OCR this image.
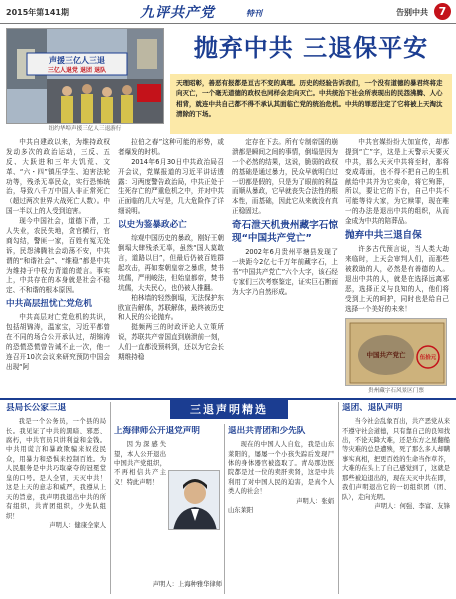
2015年第141期	九评共产党	特刊	告别中共 7
声援三亿人三退
三亿人退党 退团 退队
纽约华埠声援三亿人三退游行
抛弃中共 三退保平安
天理昭彰，善恶有报都是亘古不变的真理。历史的经验告诉我们，一个没有道德的暴君终将走向灭亡，一个毫无道德的政权也同样会走向灭亡。中共统治下社会所表现出的民怨沸腾、人心相背，就连中共自己都不得不承认其面临亡党的统治危机。中共的罪恶注定了它将被上天淘汰清除的下场。

中共自建政以来，为维持政权发动多次的政治运动，三反、五反、大跃进和三年大饥荒、文革、“六・四”镇压学生、迫害法轮功等，残杀无辜民众，实行恐怖统治，导致八千万中国人非正常死亡（超过两次世界大战死亡人数）。中国一半以上的人受到迫害。

现今中国社会，道德下滑，工人失业，农民失地，贪官横行，官商勾结，警匪一家，百姓有冤无处诉，民怨沸腾社会动荡不安，中共谓的“和谐社会”、“维稳”都是中共为维持于中权力背道的谎言。事实上，中共存在的本身就是社会不稳定、不和谐的根本原因。

中共高层扭忧亡党危机

中共高层对亡党危机的共识，包括胡锦涛，温家宝，习近平都曾在不同的场合公开承认过，胡锦涛的恐慌恐慌曾告诫不止一次，他一连召开10次会议来研究预防中国会出现“阿

拉伯之春”这种可能的形势，或者爆发的时机。

2014年6月30日中共政治局召开会议，党媒报道的习近平讲话透露：习两度警告政治局，中共正处于生死存亡的严重危机之中，并对中共正面临的几大写是，几大危险作了详细说明。

以史为鉴暴政必亡

综观中国历史的暴政，刚好王朝倒塌大肆残杀无辜，虽然“国人莫敢言，道路以目”，但最后仍被百姓群起攻击，再如秦朝皇帝之暴虐，焚书坑儒，严刑峻法，但始皇都帝，焚书坑儒，大夫民心，也仍被人推翻。

柏林墙的轻然倒塌，无法保护东欧宣告解体，苏联解体，最终被历史和人民的公论抛弃。

挺频两三的时政评论人立策所说，苏联共产帝国直到崩溃前一刻，人们一直都没预料到，还以为它会长期维持稳

定存在下去。所有专制帝国的崩溃都是瞬间之间的事情，倒塌是因为一个必然的结果，这说，脆弱的政权的基础是通过暴力，民众早就明白过一切都是假的，只是为了眼前的利益而顺从暴政，它早就丧失合法性的根本性，而基础，因此它从来就没有真正稳固过。

奇石泄天机贵州藏字石惊现“中国共产党亡”

2002年6月贵州平塘县发现了一块距今2亿七千万年前藏字石，上书“中国共产党亡”六个大字，该石经专家们三次考察鉴定，证实巨石断面为大字乃自然形成。

中共官媒纷纷大加宣传，却都提到“亡”字，这是上天警示天要灭中共，那么天灭中共将至时，那将变成毒面，也不得不把自己的生机献给中共并为它卖命，将它殉葬，所以，要让它的下台，自己中共不可能等待大家，为它赎罪，现在唯一的办法是退出中共的组织，从而金成为中共的陪葬品。

抛弃中共三退自保

许多古代预言说，当人类大劫来临时，上天会审判人们，而那些被救助的人，必然是有善德的人。退出中共的人，就是在选择远离邪恶，选择正义与良知的人，他们将受到上天的呵护，同时也是给自己选择一个美好的未来！

中国共产党亡	伍拾元
贵州藏字石风景区门票
三退声明精选
县局长公家三退

我是一个公务员，一个县的局长。我见证了中共的黑暗、邪恶、腐朽，中共官员只讲利益和金钱。中共用谎言和暴政欺骗来奴役民众，用暴力和恐惧来控制百姓。为人民服务是中共巧取豪夺的冠冕堂皇的口号。是人全冒，天灭中共！这是上天的意志和威严，我遵从上天的旨意，我声明我退出中共的所有组织，共青团组织，少先队组织！

声明人：健康全家人

上海律师公开退党声明

因为深感失望，本人公开退出中国共产党组织，不再相信共产主义！特此声明！

声明人：上海种雅华律师

退出共青团和少先队

现在的中国人人自危，我是山东莱阳的，屡屡一个小孩失踪后发现尸体的身体器官被盗取了。青岛那边医院都是过一位的卖肝卖肾，这是中共利用了对中国人民的迫害，是真个人类人的社会！

声明人：张娟

山东莱阳

退团、退队声明

当今社会乱象百出，共产恶党从来不遵守社会道德，只有靠自己的良知找出，不论天降大难，还是东方之星翻船等灾难的总是遭殃，死了那么多人却瞒事实真相，把更百姓的生命当作草芥，大难的在头上了自己感觉到了，这就是那些被迫退出的，现在天灭中共在即，我们声明退出它的一切组织团（团、队），走向光明。

声明人：何强、李富、友锋
